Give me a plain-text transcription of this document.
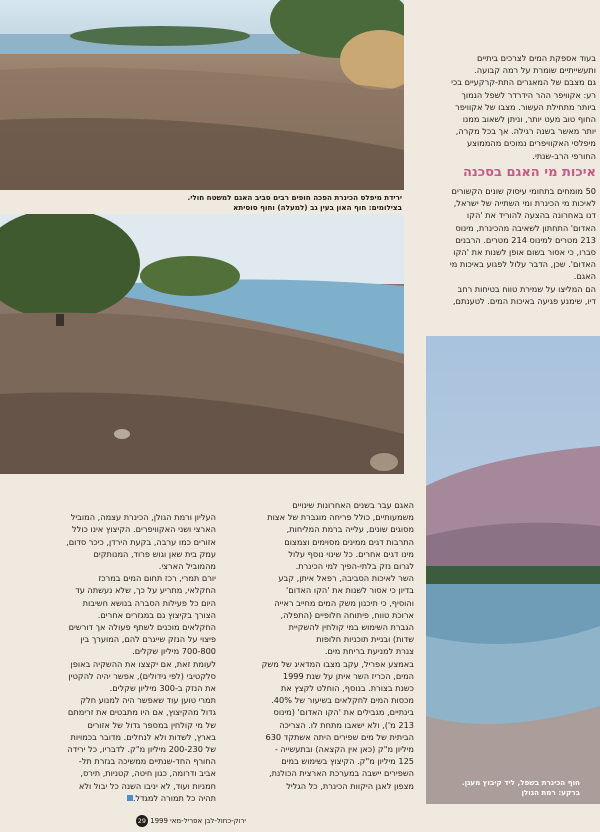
ירידת מיפלס הכינרת הפכה חופים רבים סביב האגם למשטח חולי.
בצילומים: חוף האון בעין גב (למעלה) וחוף סוסיתא
בעוד אספקת המים לצרכים ביתיים
ותעשייתיים שומרת על רמה קבועה.
גם מצבם של המאגרים התת-קרקעיים בכי
רע: אקוויפר ההר הידרדר לשפל הנמוך
ביותר מתחילת העשור. מצבו של אקוויפר
החוף טוב מעט יותר, וניתן לשאוב ממנו
יותר מאשר בשנה רגילה. אך בכל מקרה,
מיפלסי האקוויפרים נמוכים מהממוצע
החורפי הרב-שנתי.
איכות מי האגם בסכנה
50 מומחים בתחומי עיסוק שונים הקשורים
לאיכות מי הכינרת ומי השתייה של ישראל,
דנו באחרונה בהצעה להוריד את 'הקו
האדום' התחתון לשאיבה מהכינרת, מינוס
213 מטרים למינוס 214 מטרים. הרבנים
סברו, כי אסור בשום אופן לשנות את 'הקו
האדום'. שכן, הדבר עלול לפגוע באיכות מי
האגם.
הם המליצו על שמירת טווח בטיחות רחב
דיו, שימנע פגיעה באיכות המים. לטענתם,
חוף הכינרת בשפל, ליד קיבוץ מעגן.
ברקע: רמת הגולן
האגם עבר בשנים האחרונות שינויים
משמעותיים, כולל פריחה מוגברת של אצות
מסוגים שונים, עלייה ברמת המליחות,
התרבות דגים ממינים מסוימים וצמצום
מינו דגים אחרים. כל שינוי נוסף עלול
לגרום נזק בלתי-הפיך למי הכינרת.
השר לאיכות הסביבה, רפאל איתן, קבע
בדיון כי אסור לשנות את 'הקו האדום'
והוסיף, כי תיכנון משק המים מחייב ראייה
ארוכת טווח, פיתוחה חלופיים (התפלה,
הגברת השימוש במי קולחין להשקיית
שדות) ובניית תוכניות חלופות
צנרת למניעת בריחת מים.
באמצע אפריל, עקב מצבו המדאיג של משק
המים, הכריז השר איתן על שנת 1999
כשנת בצורת. בנוסף, הוחלט לקצץ את
מכסות המים לחקלאים בשיעור של 40%.
בינתיים, מגבילים את 'הקו האדום' (מינוס
213 מ'), ולא ישאבו מתחת לו. הצריכה
הביתית של מים שפירים היתה אשתקד 630
מיליון מ"ק (כאן אין הקצאה) ובתעשייה -
125 מיליון מ"ק. הקיצוץ בשימוש במים
השפירים יישבה במערכת הארצית הכולנת,
מצפון לאגן היקוות הכינרת, כל הגליל

העליון ורמת הגולן, הכינרת עצמה, המוביל
הארצי ושני האקוויפרים. הקיצוץ אינו כולל
אזורים כמו ערבה, בקעת הירדן, כיכר סדום,
עמק בית שאן וגוש פרוד, המנותקים
מהמוביל הארצי.
יורם תמרי, רכז תחום המים במרכז
החקלאי, מתריע על כך, שלא נעשתה עד
היום כל פעילות הסברה בנושא חשיבות
הצורך בקיצוץ גם במגזרים אחרים.
החקלאים מוכנים לשתף פעולה אך דורשים
פיצוי על הנזק שייגרם להם, המוערך בין
700-800 מיליון שקלים.
לעומת זאת, אם יקצצו את ההשקיה באופן
סלקטיבי (לפי גידולים), אפשר יהיה להקטין
את הנזק ב-300 מיליון שקלים.
תמרי טוען עוד שאפשר היה למנוע חלק
גדול מהקיצוץ, אם היו מתבטים את זרימתם
של מי קולחין במספר גדול של אזורים
בארץ, לשדות ולא לנחלים. מדובר בכמויות
של 200-230 מיליון מ"ק. לדבריו, כל ירידה
החורף החד-שנתיים ממשיכה בגזרת תל-
אביב ודרומה, כגון חיטה, קטניות, תירס,
חמניות ועוד, לא יניבו השנה כל יבול ולא
תהיה כל תמורה למגדל.

ירוק-כחול-לבן אפריל-מאי 1999 29
